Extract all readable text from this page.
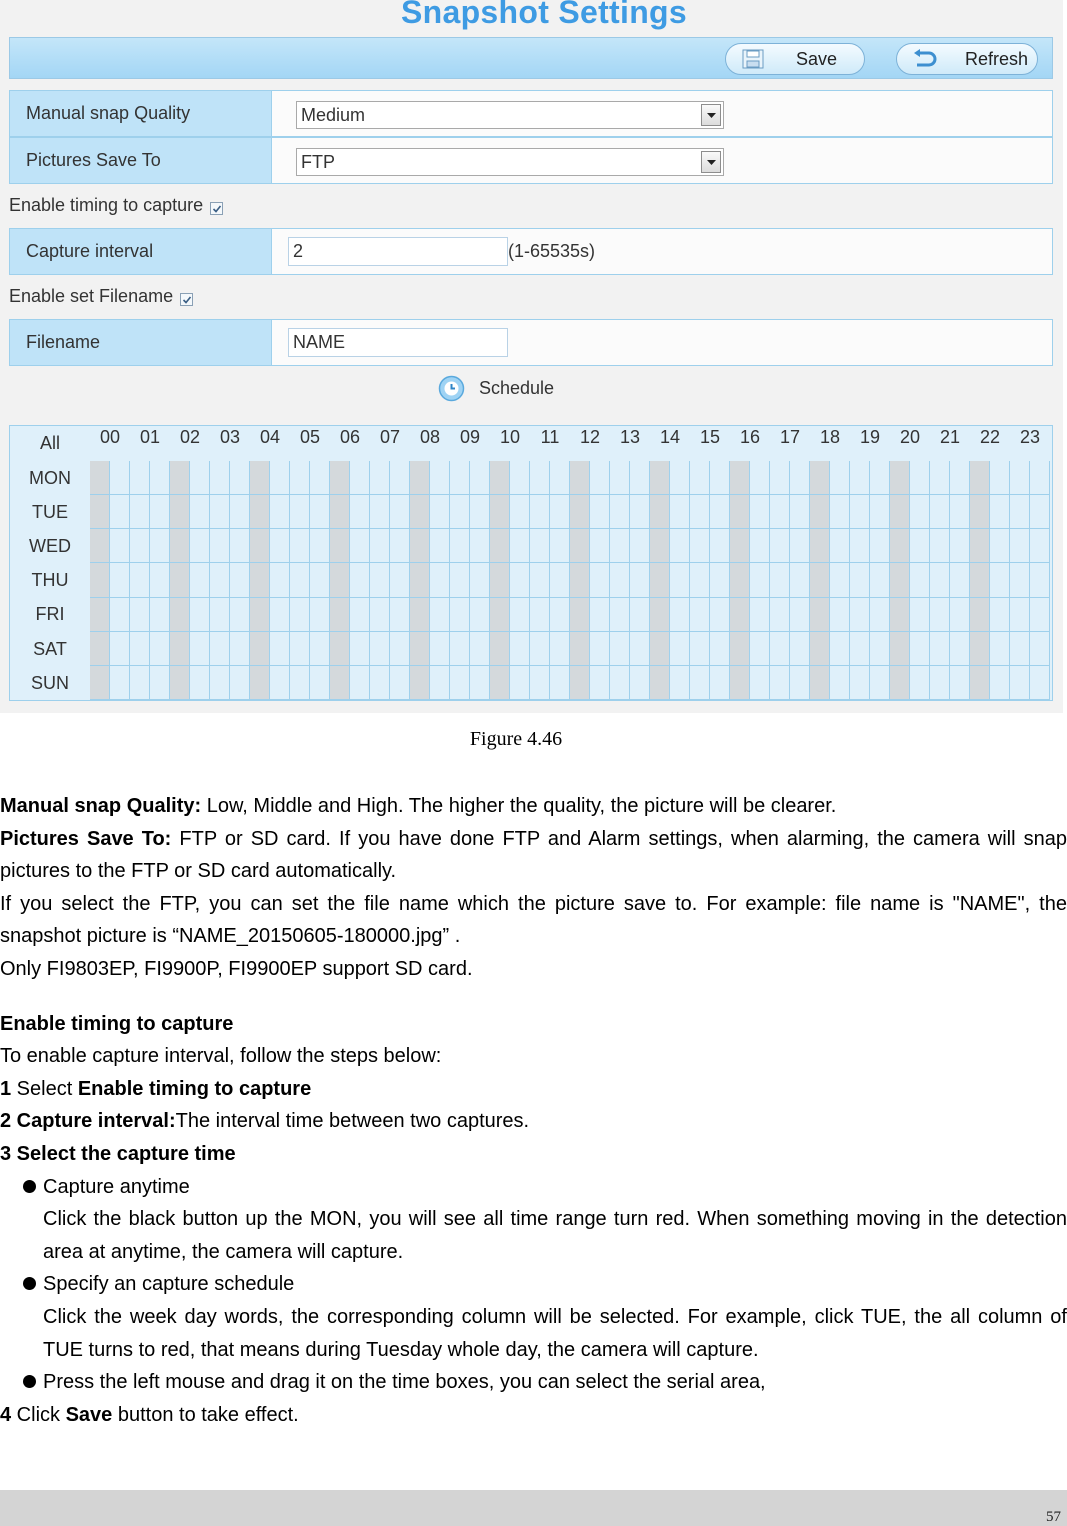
Snapshot Settings
Save	Refresh
Manual snap Quality	Medium
Pictures Save To	FTP
Enable timing to capture
Capture interval	2	(1-65535s)
Enable set Filename
Filename	NAME
Schedule
All	00	01	02	03	04	05	06	07	08	09	10	11	12	13	14	15	16	17	18	19	20	21	22	23
MON
TUE
WED
THU
FRI
SAT
SUN
Figure 4.46

Manual snap Quality: Low, Middle and High. The higher the quality, the picture will be clearer.

Pictures Save To: FTP or SD card. If you have done FTP and Alarm settings, when alarming, the camera will snap pictures to the FTP or SD card automatically.

If you select the FTP, you can set the file name which the picture save to. For example: file name is "NAME", the snapshot picture is “NAME_20150605-180000.jpg” .

Only FI9803EP, FI9900P, FI9900EP support SD card.

Enable timing to capture

To enable capture interval, follow the steps below:

1 Select Enable timing to capture

2 Capture interval:The interval time between two captures.

3 Select the capture time

Capture anytime

Click the black button up the MON, you will see all time range turn red. When something moving in the detection area at anytime, the camera will capture.

Specify an capture schedule

Click the week day words, the corresponding column will be selected. For example, click TUE, the all column of TUE turns to red, that means during Tuesday whole day, the camera will capture.

Press the left mouse and drag it on the time boxes, you can select the serial area,

4 Click Save button to take effect.

57
